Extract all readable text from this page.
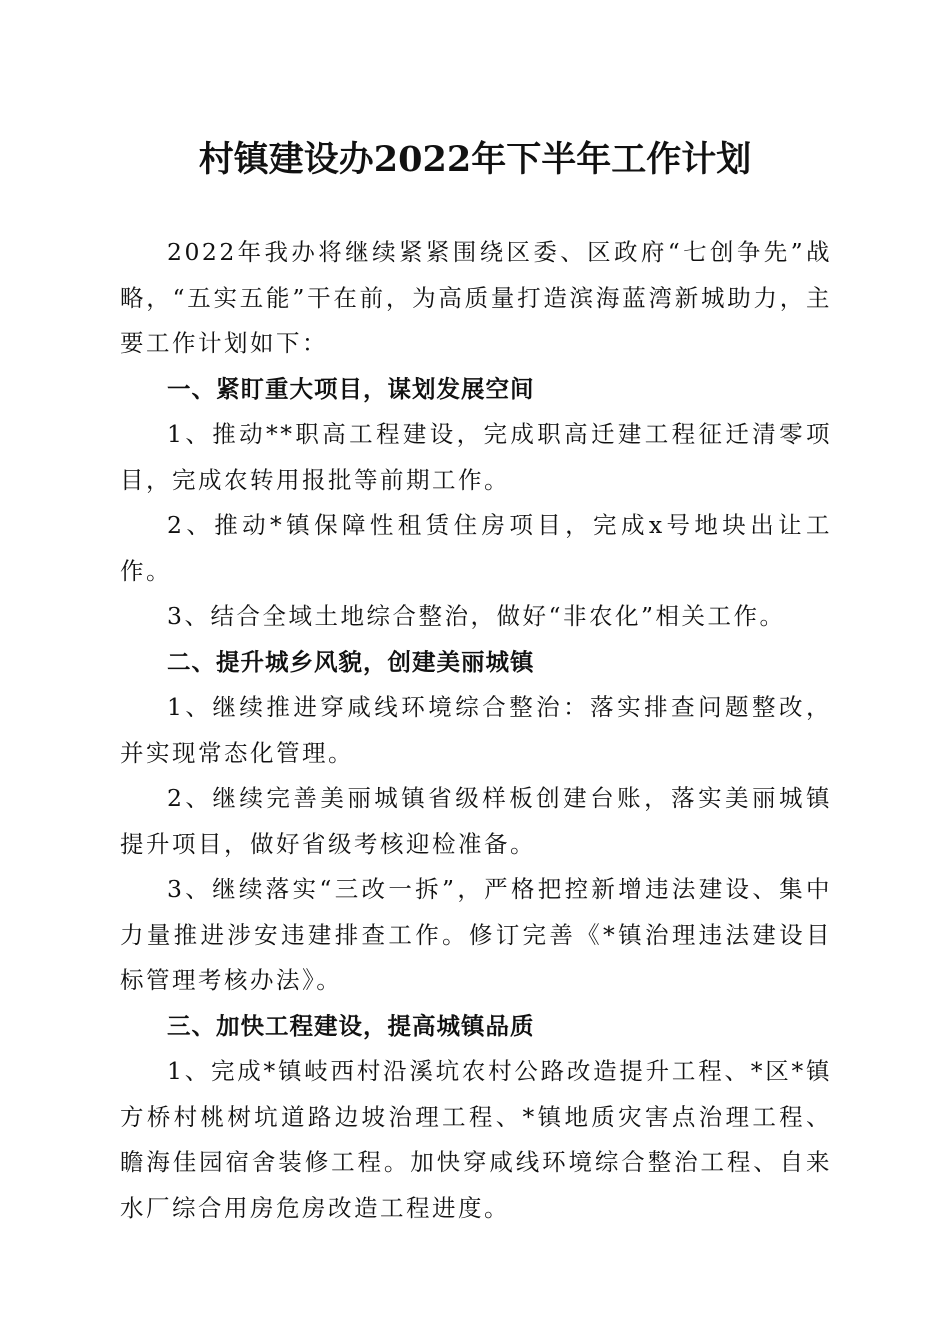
村镇建设办2022年下半年工作计划

2022年我办将继续紧紧围绕区委、区政府“七创争先”战略，“五实五能”干在前，为高质量打造滨海蓝湾新城助力，主要工作计划如下：

一、紧盯重大项目，谋划发展空间

1、推动**职高工程建设，完成职高迁建工程征迁清零项目，完成农转用报批等前期工作。

2、推动*镇保障性租赁住房项目，完成x号地块出让工作。

3、结合全域土地综合整治，做好“非农化”相关工作。

二、提升城乡风貌，创建美丽城镇

1、继续推进穿咸线环境综合整治：落实排查问题整改，并实现常态化管理。

2、继续完善美丽城镇省级样板创建台账，落实美丽城镇提升项目，做好省级考核迎检准备。

3、继续落实“三改一拆”，严格把控新增违法建设、集中力量推进涉安违建排查工作。修订完善《*镇治理违法建设目标管理考核办法》。

三、加快工程建设，提高城镇品质

1、完成*镇岐西村沿溪坑农村公路改造提升工程、*区*镇方桥村桃树坑道路边坡治理工程、*镇地质灾害点治理工程、瞻海佳园宿舍装修工程。加快穿咸线环境综合整治工程、自来水厂综合用房危房改造工程进度。
